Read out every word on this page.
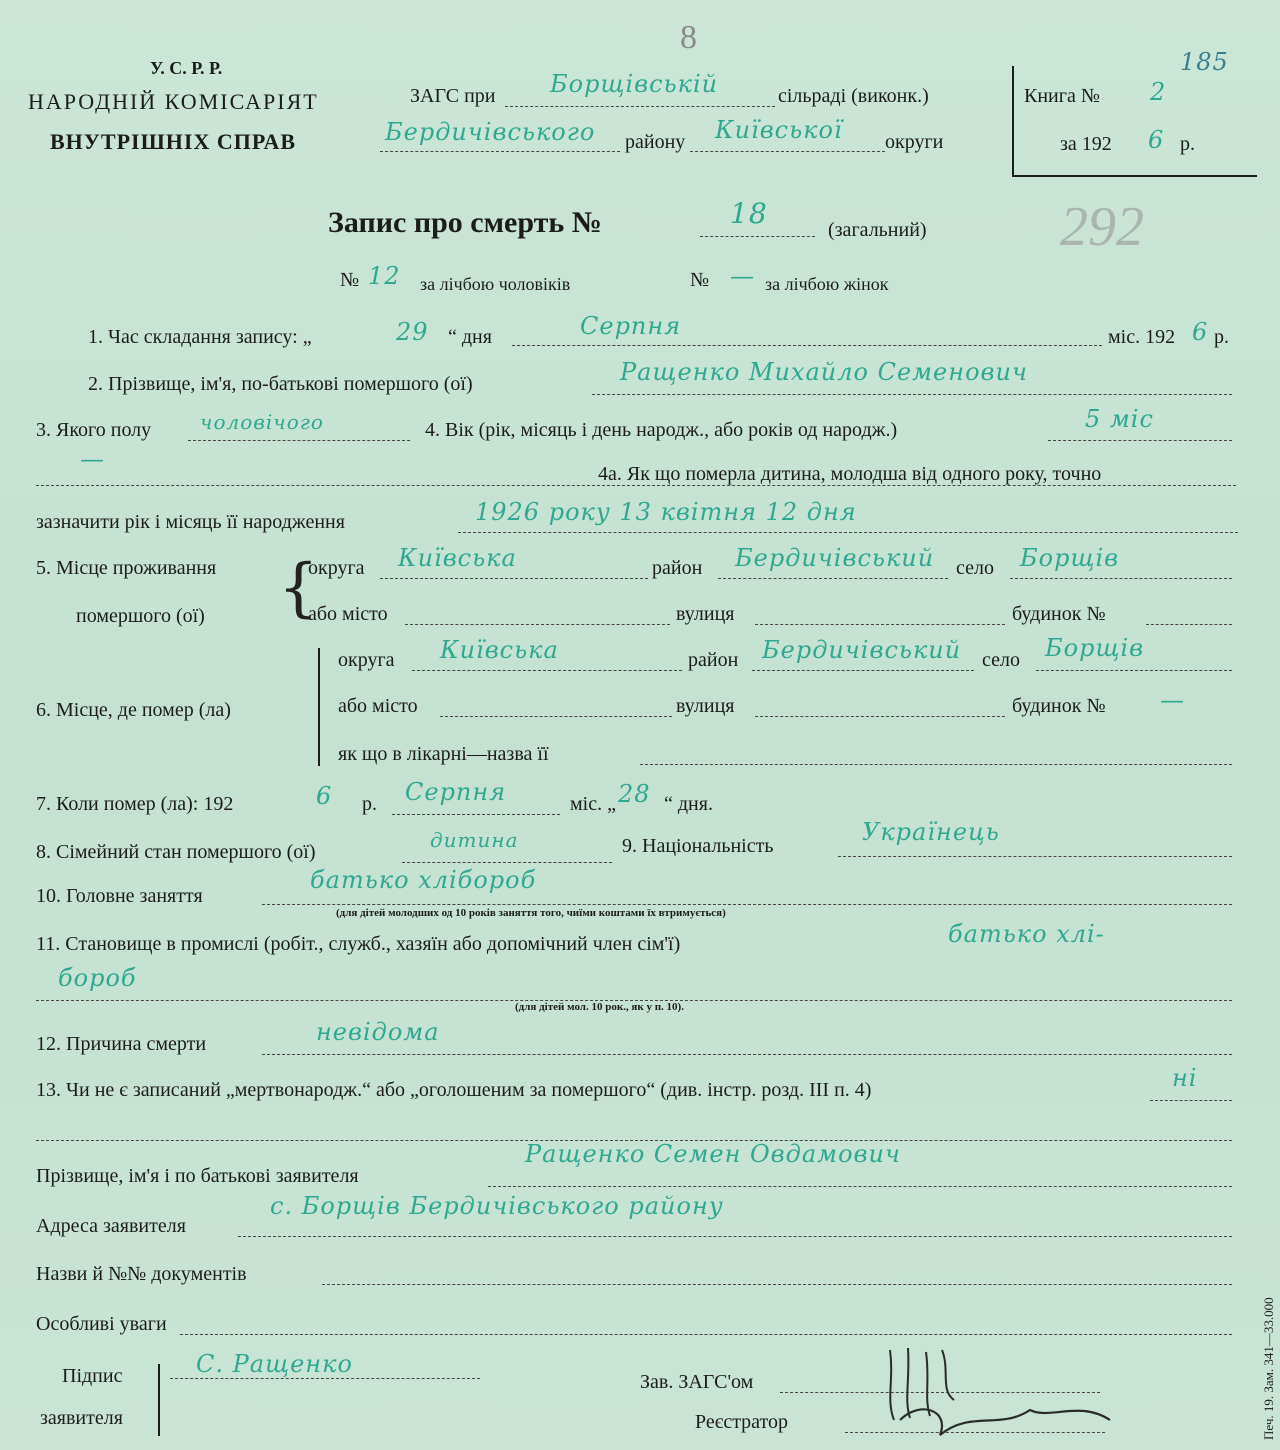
У. С. Р. Р.
НАРОДНІЙ КОМІСАРІЯТ
ВНУТРІШНІХ СПРАВ
8
ЗАГС при Борщівській	сільраді (виконк.)
Бердичівського району Київської округи
Книга № 2
185
за 192 6 р.
Запис про смерть №	18	(загальний) 292
№ 12 за лічбою чоловіків	№ — за лічбою жінок
1. Час складання запису: „	29 “ дня	Серпня	міс. 192 6 р.
2. Прізвище, ім'я, по-батькові помершого (ої)	Ращенко Михайло Семенович
3. Якого полу чоловічого	4. Вік (рік, місяць і день народж., або років од народж.)	5 міс
—
4а. Як що померла дитина, молодша від одного року, точно
зазначити рік і місяць її народження	1926 року 13 квітня 12 дня
5. Місце проживання
помершого (ої) {
округа Київська	район Бердичівський село Борщів
або місто	вулиця	будинок №
6. Місце, де помер (ла)
округа Київська	район Бердичівський село Борщів
або місто	вулиця	будинок № —
як що в лікарні—назва її
7. Коли помер (ла): 192	6 р. Серпня	міс. „ 28 “ дня.
8. Сімейний стан помершого (ої)	дитина	9. Національність	Українець
10. Головне заняття
батько хлібороб
(для дітей молодших од 10 років заняття того, чиїми коштами їх втримується)
11. Становище в промислі (робіт., служб., хазяїн або допомічний член сім'ї)	батько хлі-
бороб
(для дітей мол. 10 рок., як у п. 10).
12. Причина смерти	невідома
13. Чи не є записаний „мертвонародж.“ або „оголошеним за помершого“ (див. інстр. розд. III п. 4)	ні
Прізвище, ім'я і по батькові заявителя
Ращенко Семен Овдамович
Адреса заявителя
с. Борщів Бердичівського району
Назви й №№ документів
Особливі уваги
Зав. ЗАГС'ом
Підпис
заявителя
С. Ращенко
Реєстратор	Печ. 19. Зам. 341—33.000
